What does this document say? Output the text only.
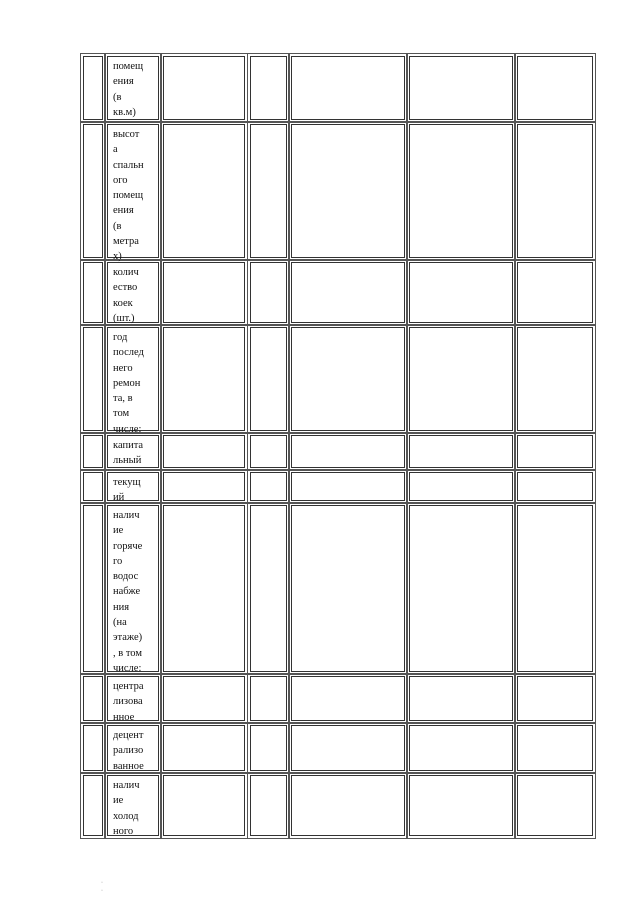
помещ
ения
(в
кв.м)
высот
а
спальн
ого
помещ
ения
(в
метра
х)
колич
ество
коек
(шт.)
год
послед
него
ремон
та, в
том
числе:
капита
льный
текущ
ий
налич
ие
горяче
го
водос
набже
ния
(на
этаже)
, в том
числе:
центра
лизова
нное
децент
рализо
ванное
налич
ие
холод
ного
·
·
